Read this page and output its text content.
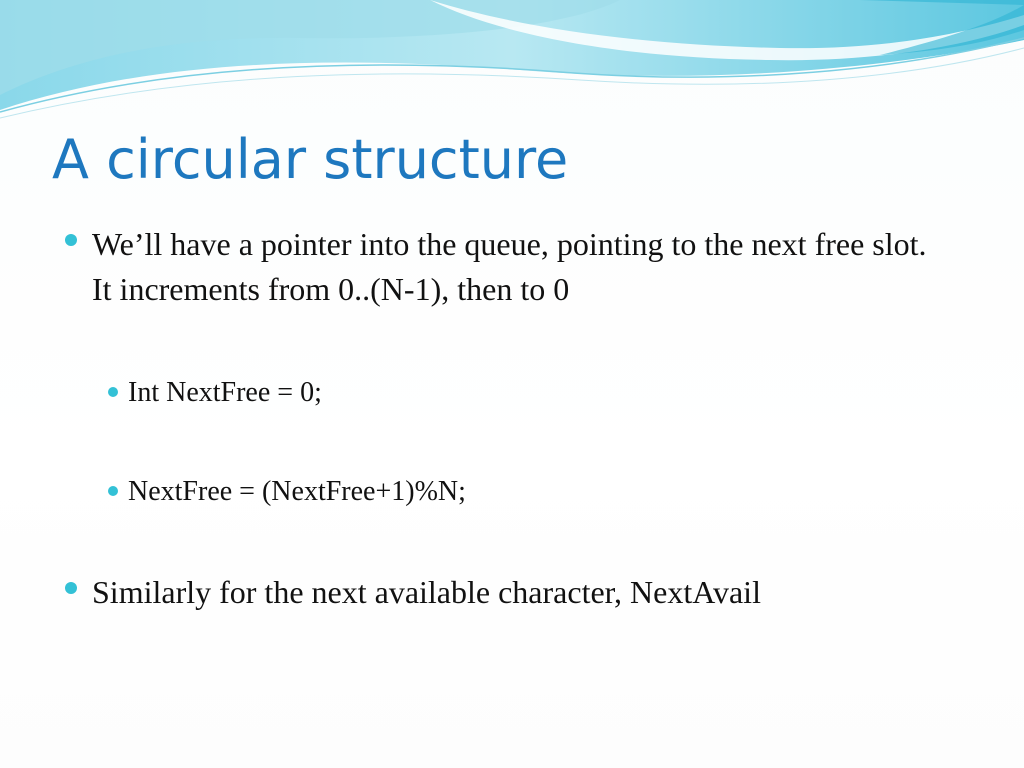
A circular structure
We’ll have a pointer into the queue, pointing to the next free slot. It increments from 0..(N-1), then to 0
Int NextFree = 0;
NextFree = (NextFree+1)%N;
Similarly for the next available character, NextAvail
